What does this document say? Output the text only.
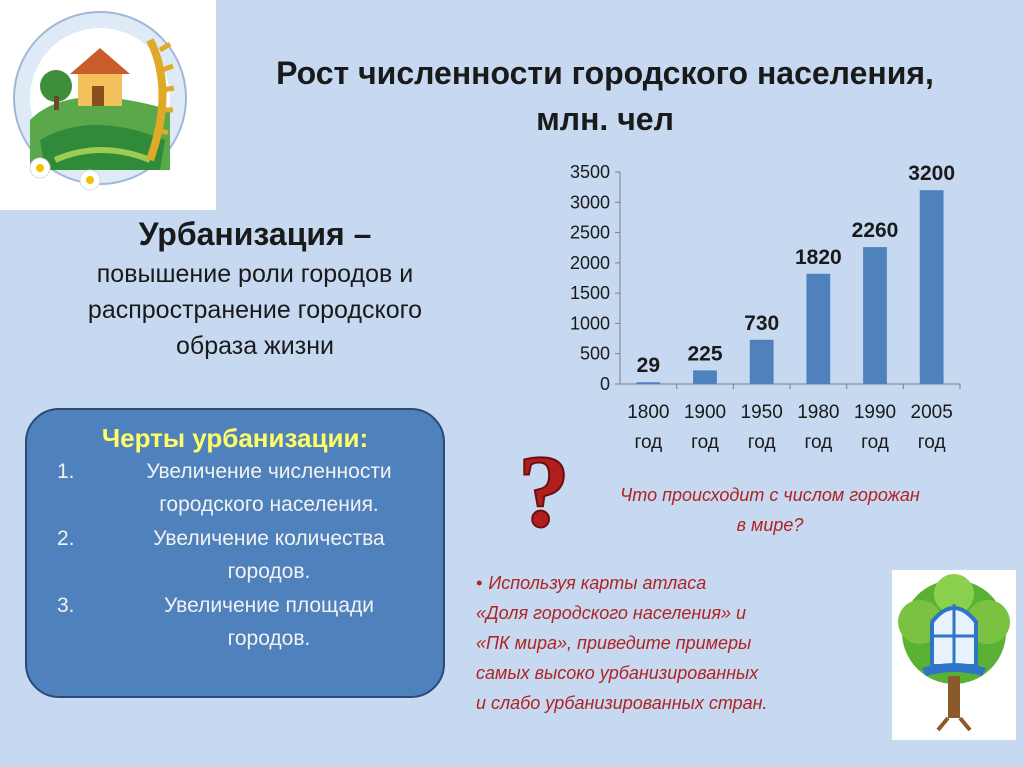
Рост численности городского населения,
млн. чел
Урбанизация –
повышение роли городов и
распространение городского
образа жизни
Черты урбанизации:
1.	Увеличение численности
городского населения.
2.	Увеличение количества
городов.
3.	Увеличение площади
городов.
0
500
1000
1500
2000
2500
3000
3500
29
1800
год
225
1900
год
730
1950
год
1820
1980
год
2260
1990
год
3200
2005
год
?	Что происходит с числом горожан
в мире?
• Используя карты атласа
«Доля городского населения» и
«ПК мира», приведите примеры
самых высоко урбанизированных
и слабо урбанизированных стран.
